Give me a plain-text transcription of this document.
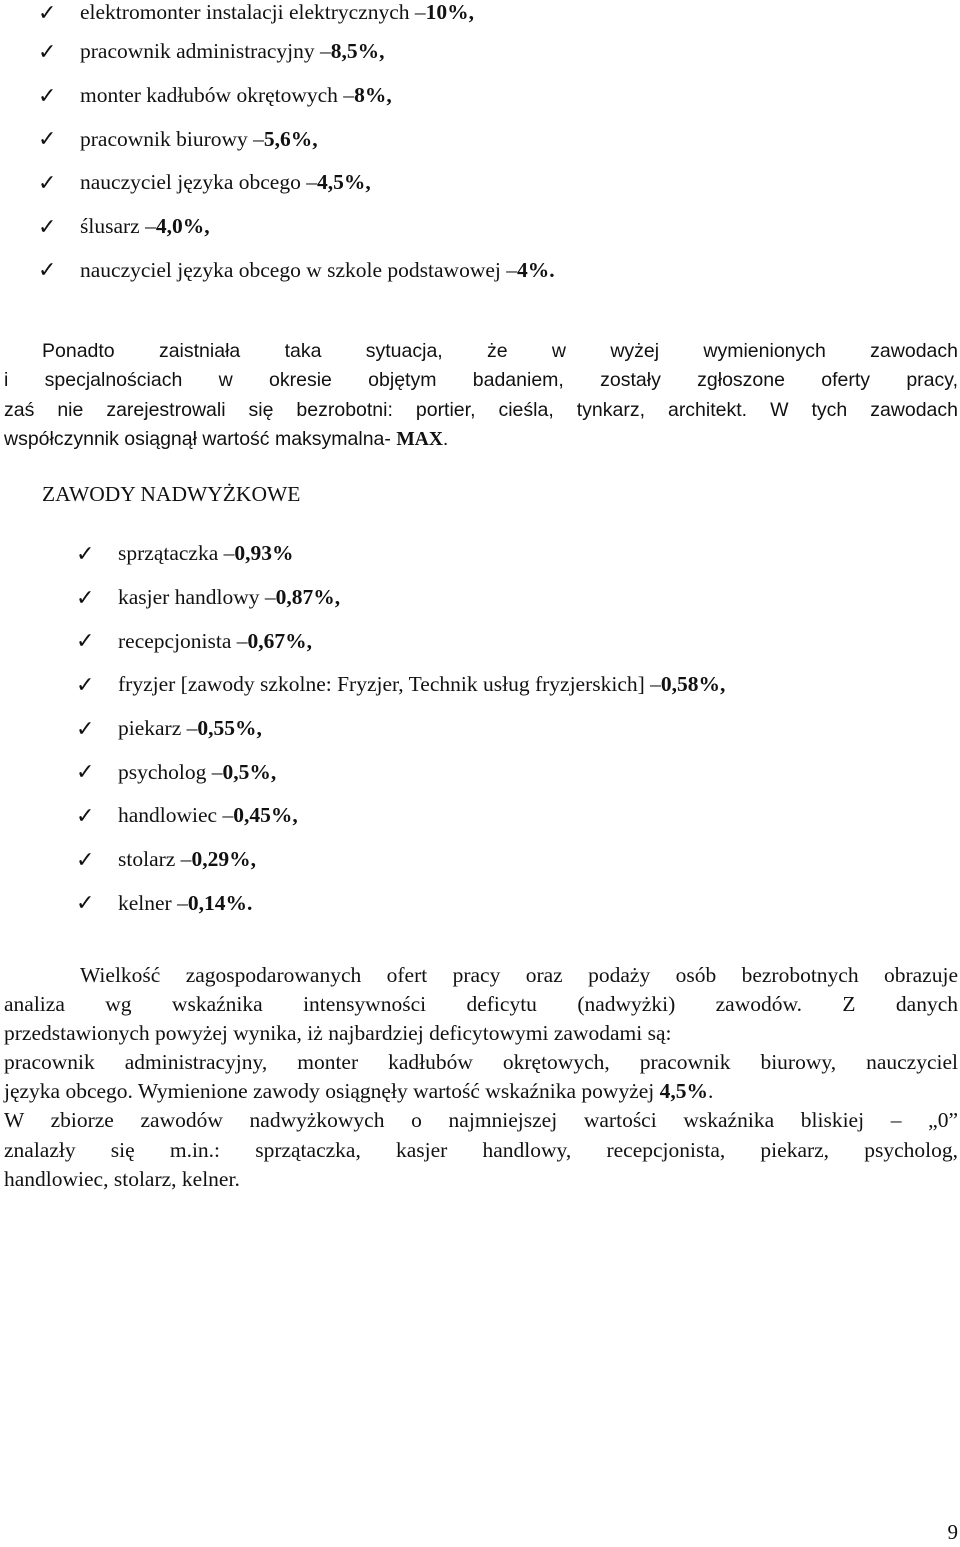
✓	elektromonter instalacji elektrycznych – 10%,
✓	pracownik administracyjny – 8,5%,
✓	monter kadłubów okrętowych – 8%,
✓	pracownik biurowy – 5,6%,
✓	nauczyciel języka obcego – 4,5%,
✓	ślusarz – 4,0%,
✓	nauczyciel języka obcego w szkole podstawowej – 4%.
Ponadto zaistniała taka sytuacja, że w wyżej wymienionych zawodach
i specjalnościach w okresie objętym badaniem, zostały zgłoszone oferty pracy,
zaś nie zarejestrowali się bezrobotni: portier, cieśla, tynkarz, architekt. W tych zawodach
współczynnik osiągnął wartość maksymalna- MAX.
ZAWODY NADWYŻKOWE
✓	sprzątaczka – 0,93%
✓	kasjer handlowy – 0,87%,
✓	recepcjonista – 0,67%,
✓	fryzjer [zawody szkolne: Fryzjer, Technik usług fryzjerskich] – 0,58%,
✓	piekarz – 0,55%,
✓	psycholog – 0,5%,
✓	handlowiec – 0,45%,
✓	stolarz – 0,29%,
✓	kelner – 0,14%.
Wielkość zagospodarowanych ofert pracy oraz podaży osób bezrobotnych obrazuje
analiza wg wskaźnika intensywności deficytu (nadwyżki) zawodów. Z danych
przedstawionych powyżej wynika, iż najbardziej deficytowymi zawodami są:
pracownik administracyjny, monter kadłubów okrętowych, pracownik biurowy, nauczyciel
języka obcego. Wymienione zawody osiągnęły wartość wskaźnika powyżej 4,5%.
W zbiorze zawodów nadwyżkowych o najmniejszej wartości wskaźnika bliskiej – „0”
znalazły się m.in.: sprzątaczka, kasjer handlowy, recepcjonista, piekarz, psycholog,
handlowiec, stolarz, kelner.
9
